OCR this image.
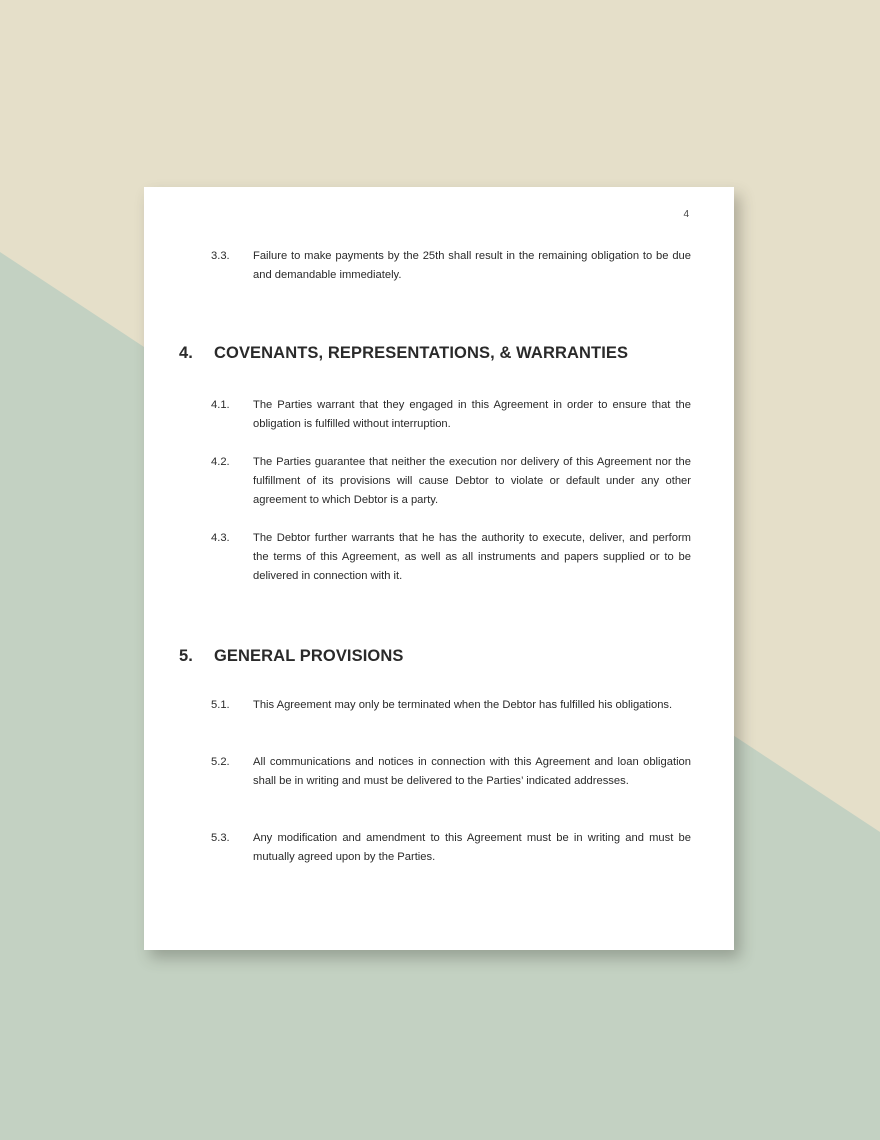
4
3.3.	Failure to make payments by the 25th shall result in the remaining obligation to be due and demandable immediately.
4. COVENANTS, REPRESENTATIONS, & WARRANTIES
4.1.	The Parties warrant that they engaged in this Agreement in order to ensure that the obligation is fulfilled without interruption.
4.2.	The Parties guarantee that neither the execution nor delivery of this Agreement nor the fulfillment of its provisions will cause Debtor to violate or default under any other agreement to which Debtor is a party.
4.3.	The Debtor further warrants that he has the authority to execute, deliver, and perform the terms of this Agreement, as well as all instruments and papers supplied or to be delivered in connection with it.
5. GENERAL PROVISIONS
5.1.	This Agreement may only be terminated when the Debtor has fulfilled his obligations.
5.2.	All communications and notices in connection with this Agreement and loan obligation shall be in writing and must be delivered to the Parties’ indicated addresses.
5.3.	Any modification and amendment to this Agreement must be in writing and must be mutually agreed upon by the Parties.
